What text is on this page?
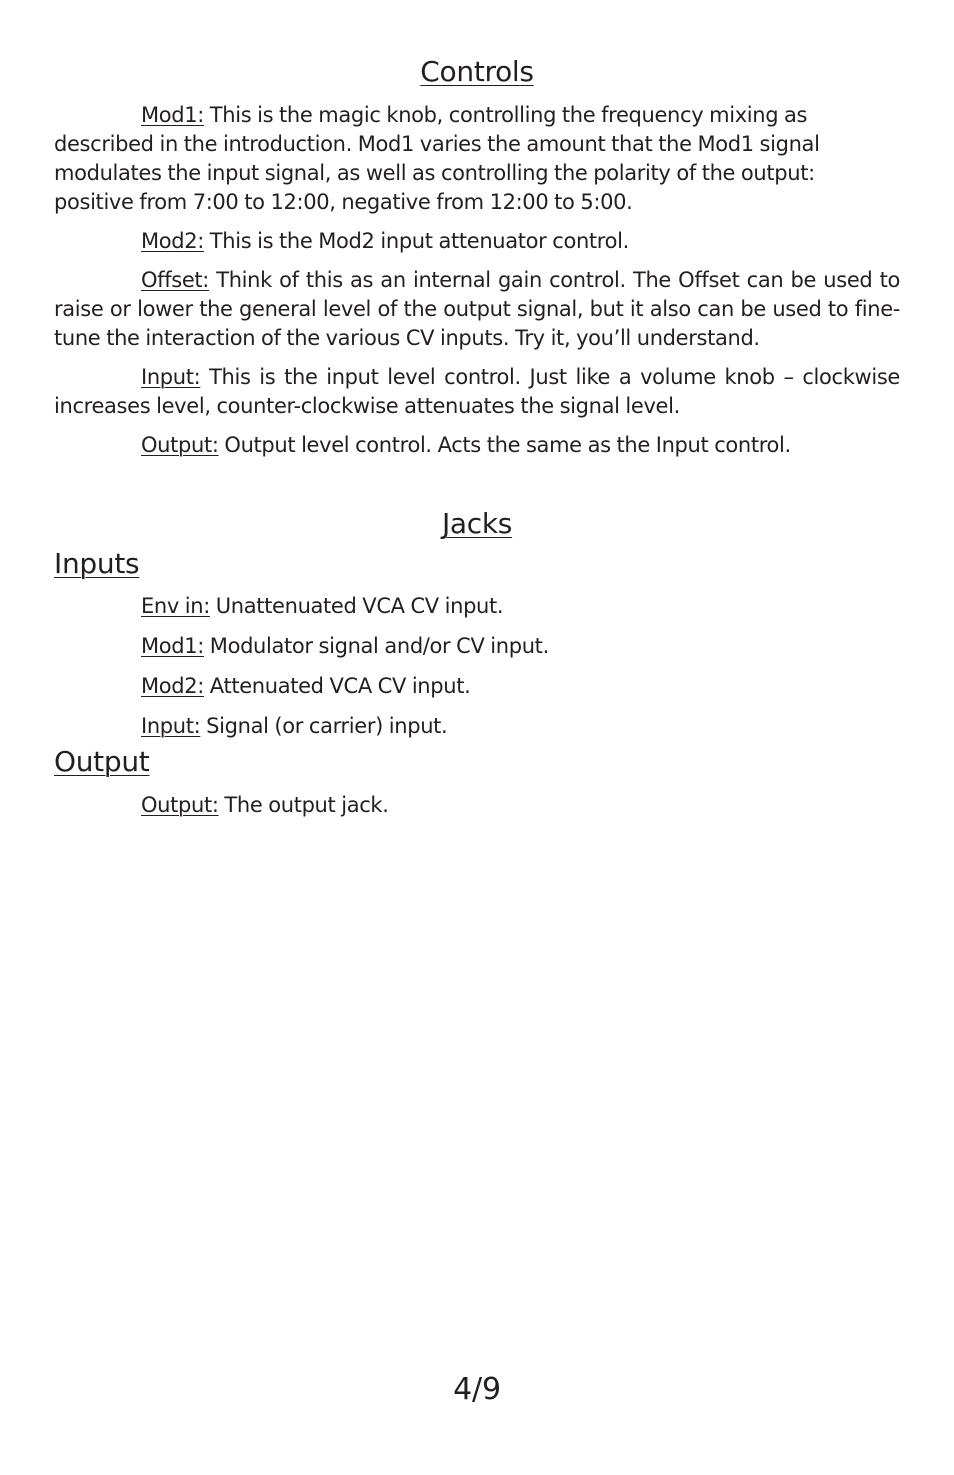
Controls

Mod1: This is the magic knob, controlling the frequency mixing as described in the introduction. Mod1 varies the amount that the Mod1 signal modulates the input signal, as well as controlling the polarity of the output: positive from 7:00 to 12:00, negative from 12:00 to 5:00.

Mod2: This is the Mod2 input attenuator control.

Offset: Think of this as an internal gain control. The Offset can be used to raise or lower the general level of the output signal, but it also can be used to fine-tune the interaction of the various CV inputs. Try it, you’ll understand.

Input: This is the input level control. Just like a volume knob – clockwise increases level, counter-clockwise attenuates the signal level.

Output: Output level control. Acts the same as the Input control.

Jacks
Inputs

Env in: Unattenuated VCA CV input.

Mod1: Modulator signal and/or CV input.

Mod2: Attenuated VCA CV input.

Input: Signal (or carrier) input.

Output

Output: The output jack.

4/9
